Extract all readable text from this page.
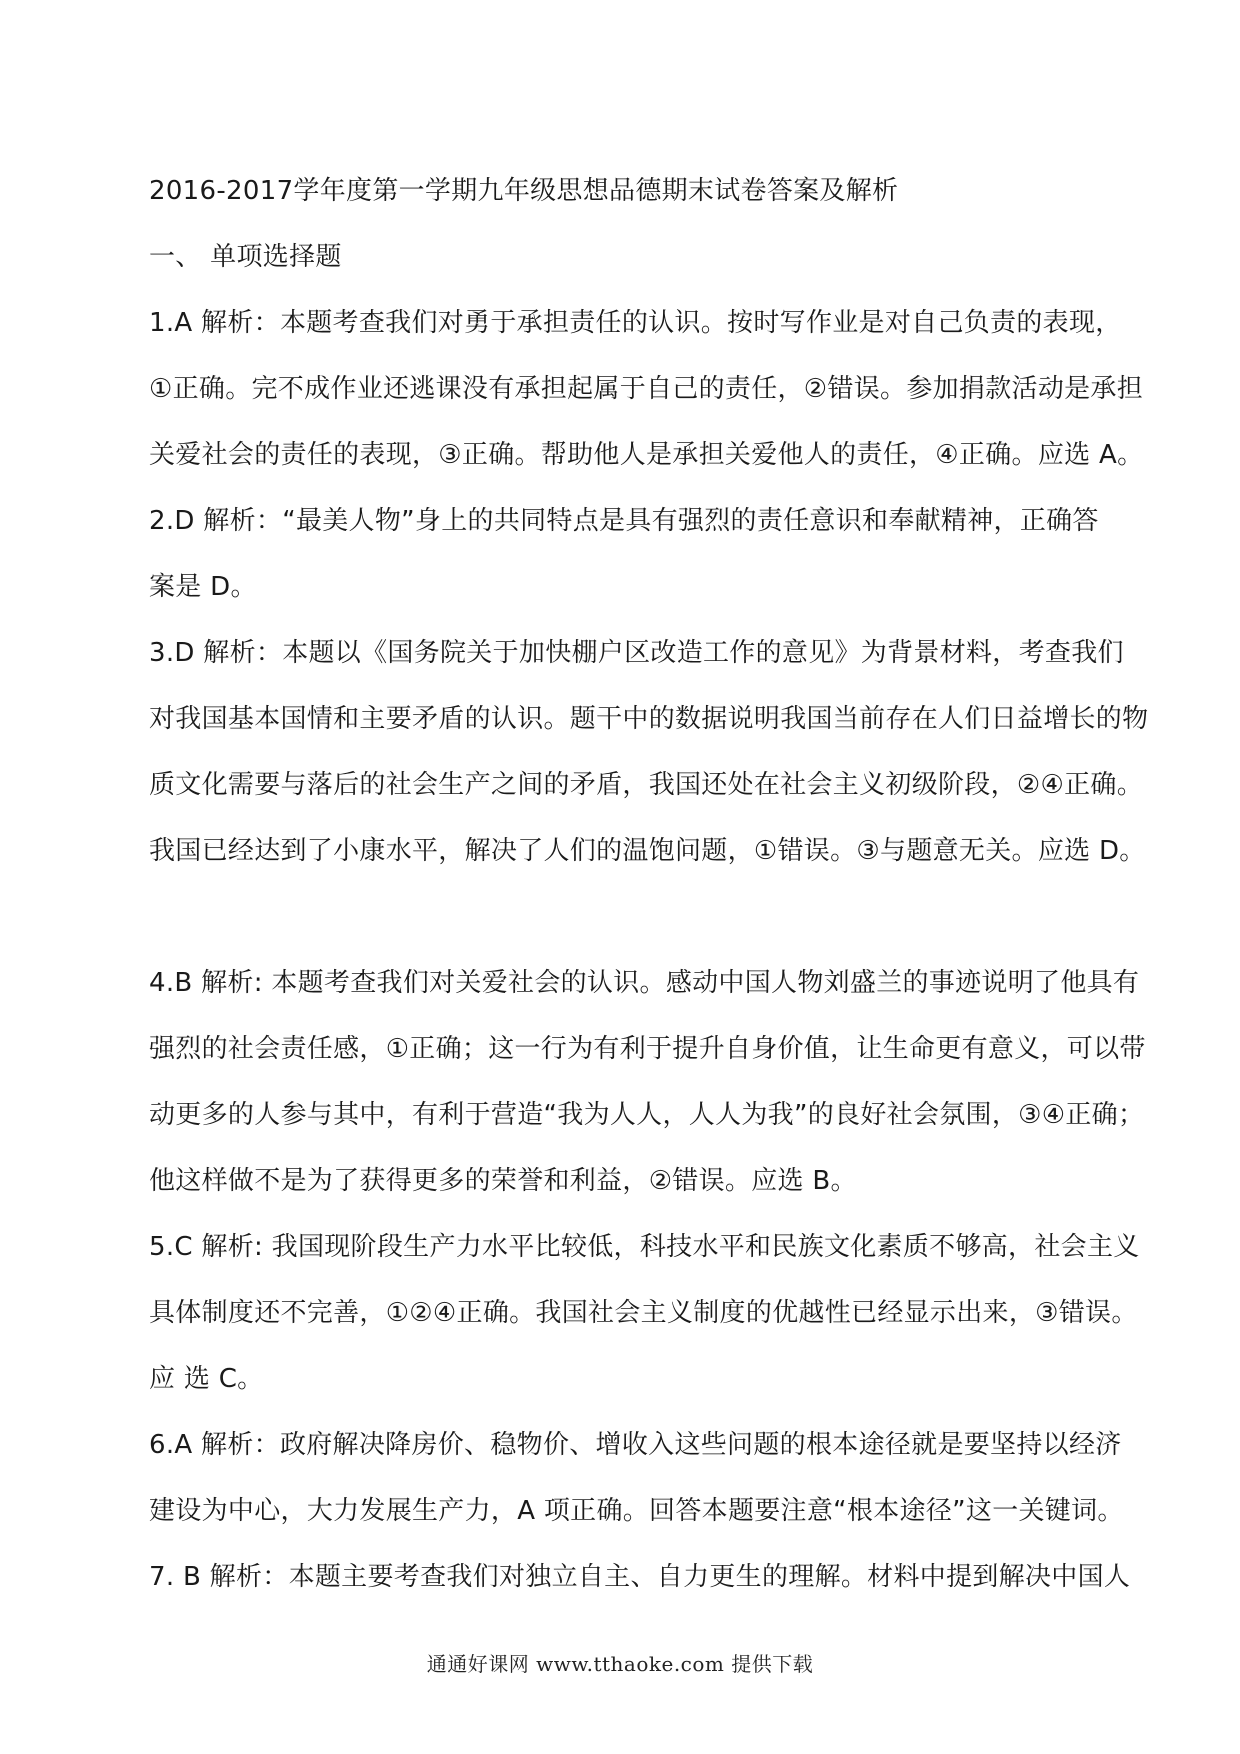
2016-2017学年度第一学期九年级思想品德期末试卷答案及解析
一、 单项选择题
1.A 解析：本题考查我们对勇于承担责任的认识。按时写作业是对自己负责的表现，
①正确。完不成作业还逃课没有承担起属于自己的责任，②错误。参加捐款活动是承担
关爱社会的责任的表现，③正确。帮助他人是承担关爱他人的责任，④正确。应选 A。
2.D 解析：“最美人物”身上的共同特点是具有强烈的责任意识和奉献精神，正确答
案是 D。
3.D 解析：本题以《国务院关于加快棚户区改造工作的意见》为背景材料，考查我们
对我国基本国情和主要矛盾的认识。题干中的数据说明我国当前存在人们日益增长的物
质文化需要与落后的社会生产之间的矛盾，我国还处在社会主义初级阶段，②④正确。
我国已经达到了小康水平，解决了人们的温饱问题，①错误。③与题意无关。应选 D。
4.B 解析: 本题考查我们对关爱社会的认识。感动中国人物刘盛兰的事迹说明了他具有
强烈的社会责任感，①正确；这一行为有利于提升自身价值，让生命更有意义，可以带
动更多的人参与其中，有利于营造“我为人人，人人为我”的良好社会氛围，③④正确；
他这样做不是为了获得更多的荣誉和利益，②错误。应选 B。
5.C 解析: 我国现阶段生产力水平比较低，科技水平和民族文化素质不够高，社会主义
具体制度还不完善，①②④正确。我国社会主义制度的优越性已经显示出来，③错误。
应 选 C。
6.A 解析：政府解决降房价、稳物价、增收入这些问题的根本途径就是要坚持以经济
建设为中心，大力发展生产力，A 项正确。回答本题要注意“根本途径”这一关键词。
7. B 解析：本题主要考查我们对独立自主、自力更生的理解。材料中提到解决中国人
通通好课网 www.tthaoke.com 提供下载
